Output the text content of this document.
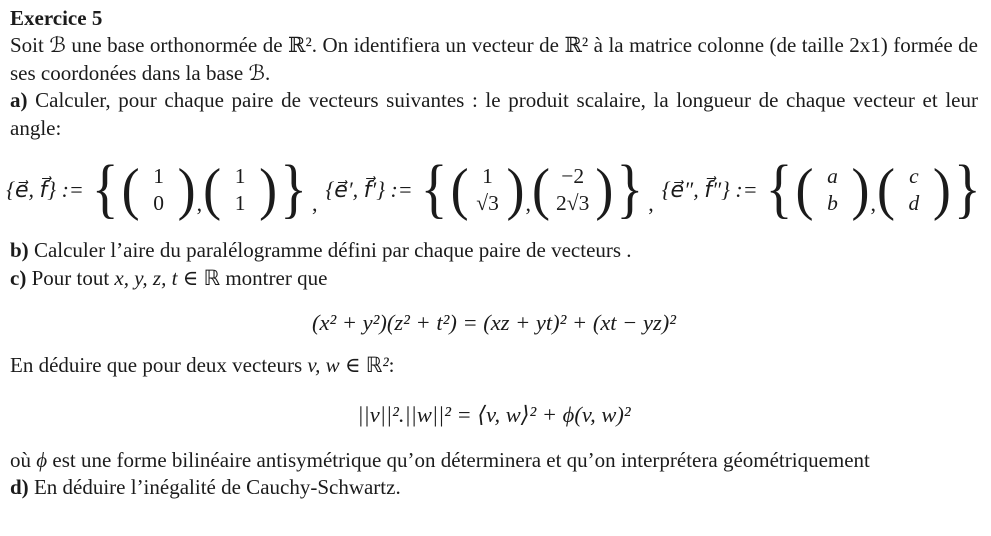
Exercice 5
Soit ℬ une base orthonormée de ℝ². On identifiera un vecteur de ℝ² à la matrice colonne (de taille 2x1) formée de ses coordonées dans la base ℬ.
a) Calculer, pour chaque paire de vecteurs suivantes : le produit scalaire, la longueur de chaque vecteur et leur angle:
{e⃗, f⃗} := { ( 1
0 ) , ( 1
1 ) } ,
{e⃗′, f⃗′} := { ( 1
√3 ) , ( −2
2√3 ) } ,
{e⃗″, f⃗″} := { ( a
b ) , ( c
d ) }
b) Calculer l’aire du paralélogramme défini par chaque paire de vecteurs .
c) Pour tout x, y, z, t ∈ ℝ montrer que
(x² + y²)(z² + t²) = (xz + yt)² + (xt − yz)²
En déduire que pour deux vecteurs v, w ∈ ℝ²:
||v||².||w||² = ⟨v, w⟩² + ϕ(v, w)²
où ϕ est une forme bilinéaire antisymétrique qu’on déterminera et qu’on interprétera géométriquement
d) En déduire l’inégalité de Cauchy-Schwartz.
